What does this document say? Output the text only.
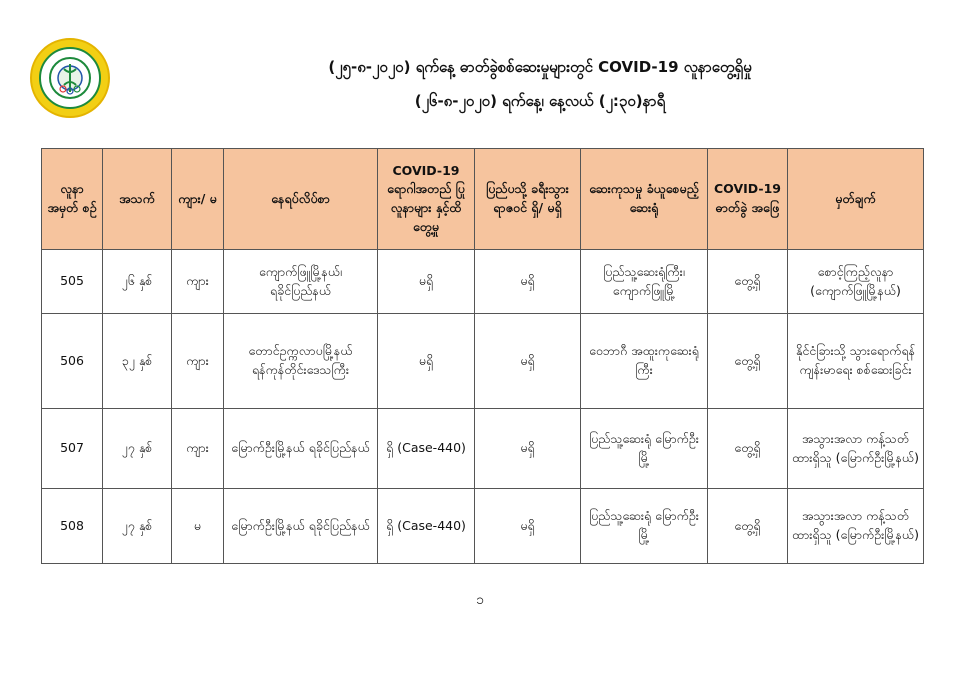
(၂၅-၈-၂၀၂၀) ရက်နေ့ ဓာတ်ခွဲစစ်ဆေးမှုများတွင် COVID-19 လူနာတွေ့ရှိမှု
(၂၆-၈-၂၀၂၀) ရက်နေ့၊ နေ့လယ် (၂:၃၀)နာရီ
လူနာ အမှတ် စဉ်	အသက်	ကျား/ မ	နေရပ်လိပ်စာ	COVID-19 ရောဂါအတည် ပြု လူနာများ နှင့်ထိတွေ့မှု	ပြည်ပသို့ ခရီးသွား ရာဇဝင် ရှိ/ မရှိ	ဆေးကုသမှု ခံယူစေမည့် ဆေးရုံ	COVID-19 ဓာတ်ခွဲ အဖြေ	မှတ်ချက်
505	၂၆ နှစ်	ကျား	ကျောက်ဖြူမြို့နယ်၊ ရခိုင်ပြည်နယ်	မရှိ	မရှိ	ပြည်သူ့ဆေးရုံကြီး၊ ကျောက်ဖြူမြို့	တွေ့ရှိ	စောင့်ကြည့်လူနာ (ကျောက်ဖြူမြို့နယ်)
506	၃၂ နှစ်	ကျား	တောင်ဥက္ကလာပမြို့နယ် ရန်ကုန်တိုင်းဒေသကြီး	မရှိ	မရှိ	ဝေဘာဂီ အထူးကုဆေးရုံကြီး	တွေ့ရှိ	နိုင်ငံခြားသို့ သွားရောက်ရန် ကျန်းမာရေး စစ်ဆေးခြင်း
507	၂၇ နှစ်	ကျား	မြောက်ဦးမြို့နယ် ရခိုင်ပြည်နယ်	ရှိ (Case-440)	မရှိ	ပြည်သူ့ဆေးရုံ မြောက်ဦးမြို့	တွေ့ရှိ	အသွားအလာ ကန့်သတ်ထားရှိသူ (မြောက်ဦးမြို့နယ်)
508	၂၇ နှစ်	မ	မြောက်ဦးမြို့နယ် ရခိုင်ပြည်နယ်	ရှိ (Case-440)	မရှိ	ပြည်သူ့ဆေးရုံ မြောက်ဦးမြို့	တွေ့ရှိ	အသွားအလာ ကန့်သတ်ထားရှိသူ (မြောက်ဦးမြို့နယ်)
၁
